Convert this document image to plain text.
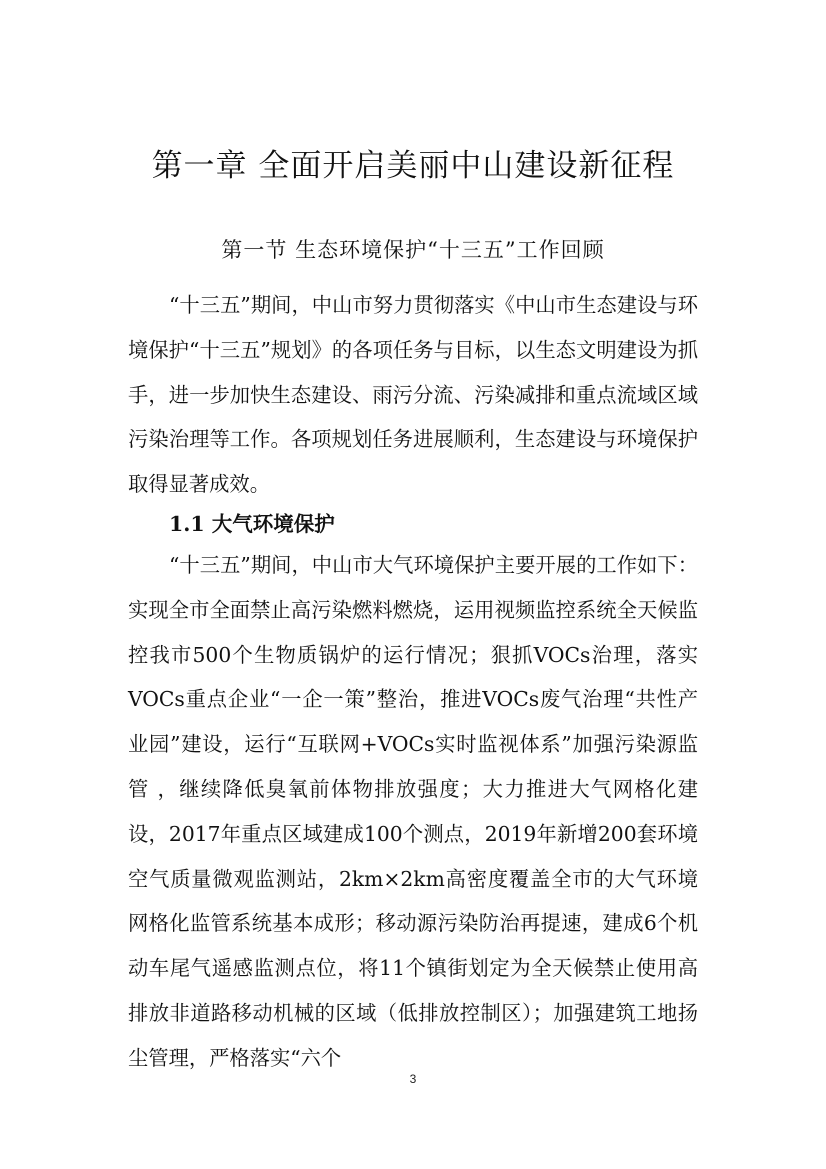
第一章 全面开启美丽中山建设新征程
第一节 生态环境保护“十三五”工作回顾

“十三五”期间，中山市努力贯彻落实《中山市生态建设与环境保护“十三五”规划》的各项任务与目标，以生态文明建设为抓手，进一步加快生态建设、雨污分流、污染减排和重点流域区域污染治理等工作。各项规划任务进展顺利，生态建设与环境保护取得显著成效。

1.1 大气环境保护

“十三五”期间，中山市大气环境保护主要开展的工作如下：实现全市全面禁止高污染燃料燃烧，运用视频监控系统全天候监控我市500个生物质锅炉的运行情况；狠抓VOCs治理，落实VOCs重点企业“一企一策”整治，推进VOCs废气治理“共性产业园”建设，运行“互联网+VOCs实时监视体系”加强污染源监管 ，继续降低臭氧前体物排放强度；大力推进大气网格化建设，2017年重点区域建成100个测点，2019年新增200套环境空气质量微观监测站，2km×2km高密度覆盖全市的大气环境网格化监管系统基本成形；移动源污染防治再提速，建成6个机动车尾气遥感监测点位，将11个镇街划定为全天候禁止使用高排放非道路移动机械的区域（低排放控制区）；加强建筑工地扬尘管理，严格落实“六个

3
